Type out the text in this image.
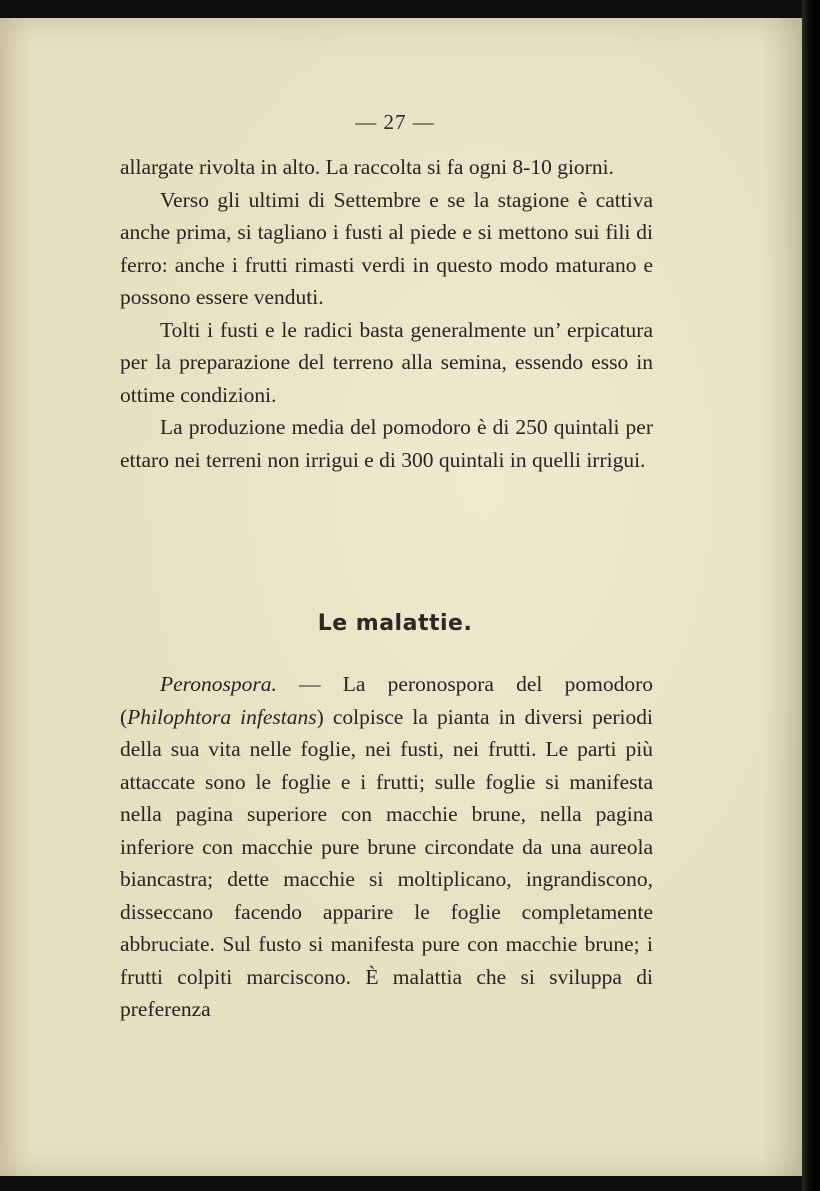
— 27 —

allargate rivolta in alto. La raccolta si fa ogni 8-10 giorni.

Verso gli ultimi di Settembre e se la stagione è cattiva anche prima, si tagliano i fusti al piede e si mettono sui fili di ferro: anche i frutti rimasti verdi in questo modo maturano e possono essere venduti.

Tolti i fusti e le radici basta generalmente un’ erpicatura per la preparazione del terreno alla semina, essendo esso in ottime condizioni.

La produzione media del pomodoro è di 250 quintali per ettaro nei terreni non irrigui e di 300 quintali in quelli irrigui.

Le malattie.

Peronospora. — La peronospora del pomodoro (Philophtora infestans) colpisce la pianta in diversi periodi della sua vita nelle foglie, nei fusti, nei frutti. Le parti più attaccate sono le foglie e i frutti; sulle foglie si manifesta nella pagina superiore con macchie brune, nella pagina inferiore con macchie pure brune circondate da una aureola biancastra; dette macchie si moltiplicano, ingrandiscono, disseccano facendo apparire le foglie completamente abbruciate. Sul fusto si manifesta pure con macchie brune; i frutti colpiti marciscono. È malattia che si sviluppa di preferenza
